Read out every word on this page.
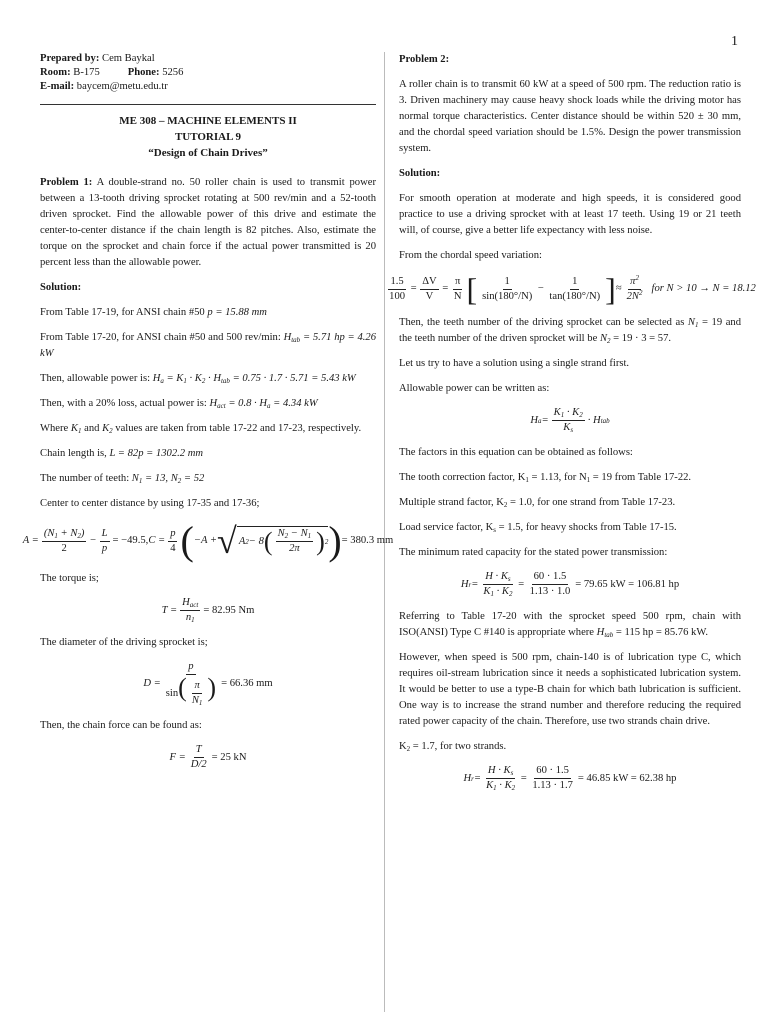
1

Prepared by: Cem Baykal

Room: B-175	Phone: 5256

E-mail: baycem@metu.edu.tr

ME 308 – MACHINE ELEMENTS II

TUTORIAL 9

“Design of Chain Drives”

Problem 1: A double-strand no. 50 roller chain is used to transmit power between a 13-tooth driving sprocket rotating at 500 rev/min and a 52-tooth driven sprocket. Find the allowable power of this drive and estimate the center-to-center distance if the chain length is 82 pitches. Also, estimate the torque on the sprocket and chain force if the actual power transmitted is 20 percent less than the allowable power.

Solution:

From Table 17-19, for ANSI chain #50 p = 15.88 mm

From Table 17-20, for ANSI chain #50 and 500 rev/min: $H_{tab} = 5.71$ hp = 4.26 kW

Then, allowable power is: $H_a = K_1 \cdot K_2 \cdot H_{tab} = 0.75 \cdot 1.7 \cdot 5.71 = 5.43$ kW

Then, with a 20% loss, actual power is: $H_{act} = 0.8 \cdot H_a = 4.34$ kW

Where $K_1$ and $K_2$ values are taken from table 17-22 and 17-23, respectively.

Chain length is, L = 82p = 1302.2 mm

The number of teeth: $N_1 = 13$, $N_2 = 52$

Center to center distance by using 17-35 and 17-36;

$A = \frac{(N_1 + N_2)}{2} - \frac{L}{p} = -49.5$, $C = \frac{p}{4}$ ( −A + √ A 2 − 8 ( $\frac{N_2 - N_1}{2\pi}$ ) 2 ) = 380.3 mm

The torque is;

$T = \frac{H_{act}}{n_1} = 82.95$ Nm

The diameter of the driving sprocket is;

$D = \frac{p}{\sin( \frac{\pi}{N_1} )} = 66.36$ mm

Then, the chain force can be found as:

$F = \frac{T}{D/2} = 25$ kN

Problem 2:

A roller chain is to transmit 60 kW at a speed of 500 rpm. The reduction ratio is 3. Driven machinery may cause heavy shock loads while the driving motor has normal torque characteristics. Center distance should be within 520 ± 30 mm, and the chordal speed variation should be 1.5%. Design the power transmission system.

Solution:

For smooth operation at moderate and high speeds, it is considered good practice to use a driving sprocket with at least 17 teeth. Using 19 or 21 teeth will, of course, give a better life expectancy with less noise.

From the chordal speed variation:

$\frac{1.5}{100} = \frac{\Delta V}{V} = \frac{\pi}{N}$ [ $\frac{1}{\sin(180^\circ/N)} - \frac{1}{\tan(180^\circ/N)}$ ] ≈ $\frac{\pi^2}{2N^2}$ for N > 10 → N = 18.12

Then, the teeth number of the driving sprocket can be selected as $N_1 = 19$ and the teeth number of the driven sprocket will be $N_2 = 19 \cdot 3 = 57$.

Let us try to have a solution using a single strand first.

Allowable power can be written as:

H $a = \frac{K_1 \cdot K_2}{K_s} \cdot H$ tab

The factors in this equation can be obtained as follows:

The tooth correction factor, $K_1 = 1.13$, for $N_1 = 19$ from Table 17-22.

Multiple strand factor, $K_2 = 1.0$, for one strand from Table 17-23.

Load service factor, $K_s = 1.5$, for heavy shocks from Table 17-15.

The minimum rated capacity for the stated power transmission:

H $r = \frac{H \cdot K_s}{K_1 \cdot K_2} = \frac{60 \cdot 1.5}{1.13 \cdot 1.0} = 79.65$ kW = 106.81 hp

Referring to Table 17-20 with the sprocket speed 500 rpm, chain with ISO(ANSI) Type C #140 is appropriate where $H_{tab} = 115$ hp = 85.76 kW.

However, when speed is 500 rpm, chain-140 is of lubrication type C, which requires oil-stream lubrication since it needs a sophisticated lubrication system. It would be better to use a type-B chain for which bath lubrication is sufficient. One way is to increase the strand number and therefore reducing the required rated power capacity of the chain. Therefore, use two strands chain drive.

$K_2 = 1.7$, for two strands.

H $r = \frac{H \cdot K_s}{K_1 \cdot K_2} = \frac{60 \cdot 1.5}{1.13 \cdot 1.7} = 46.85$ kW = 62.38 hp
